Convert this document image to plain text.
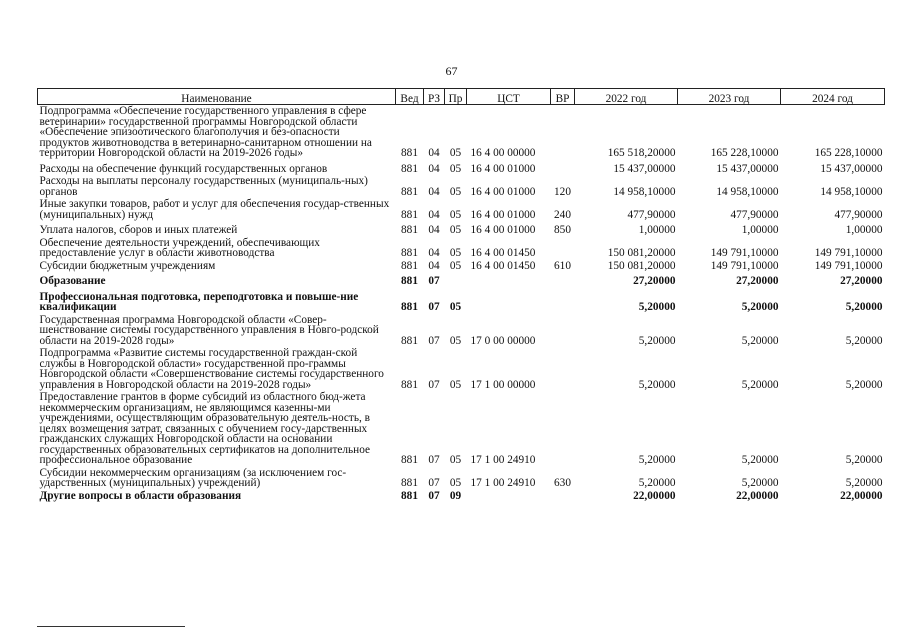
67
Наименование	Вед	РЗ	Пр	ЦСТ	ВР	2022 год	2023 год	2024 год
Подпрограмма «Обеспечение государственного управления в сфере ветеринарии» государственной программы Новгородской области «Обеспечение эпизоотического благополучия и без-опасности продуктов животноводства в ветеринарно-санитарном отношении на территории Новгородской области на 2019-2026 годы»	881	04	05	16 4 00 00000		165 518,20000	165 228,10000	165 228,10000
Расходы на обеспечение функций государственных органов	881	04	05	16 4 00 01000		15 437,00000	15 437,00000	15 437,00000
Расходы на выплаты персоналу государственных (муниципаль-ных) органов	881	04	05	16 4 00 01000	120	14 958,10000	14 958,10000	14 958,10000
Иные закупки товаров, работ и услуг для обеспечения государ-ственных (муниципальных) нужд	881	04	05	16 4 00 01000	240	477,90000	477,90000	477,90000
Уплата налогов, сборов и иных платежей	881	04	05	16 4 00 01000	850	1,00000	1,00000	1,00000
Обеспечение деятельности учреждений, обеспечивающих предоставление услуг в области животноводства	881	04	05	16 4 00 01450		150 081,20000	149 791,10000	149 791,10000
Субсидии бюджетным учреждениям	881	04	05	16 4 00 01450	610	150 081,20000	149 791,10000	149 791,10000
Образование	881	07				27,20000	27,20000	27,20000
Профессиональная подготовка, переподготовка и повыше-ние квалификации	881	07	05			5,20000	5,20000	5,20000
Государственная программа Новгородской области «Совер-шенствование системы государственного управления в Новго-родской области на 2019-2028 годы»	881	07	05	17 0 00 00000		5,20000	5,20000	5,20000
Подпрограмма «Развитие системы государственной граждан-ской службы в Новгородской области» государственной про-граммы Новгородской области «Совершенствование системы государственного управления в Новгородской области на 2019-2028 годы»	881	07	05	17 1 00 00000		5,20000	5,20000	5,20000
Предоставление грантов в форме субсидий из областного бюд-жета некоммерческим организациям, не являющимся казенны-ми учреждениями, осуществляющим образовательную деятель-ность, в целях возмещения затрат, связанных с обучением госу-дарственных гражданских служащих Новгородской области на основании государственных образовательных сертификатов на дополнительное профессиональное образование	881	07	05	17 1 00 24910		5,20000	5,20000	5,20000
Субсидии некоммерческим организациям (за исключением гос-ударственных (муниципальных) учреждений)	881	07	05	17 1 00 24910	630	5,20000	5,20000	5,20000
Другие вопросы в области образования	881	07	09			22,00000	22,00000	22,00000
